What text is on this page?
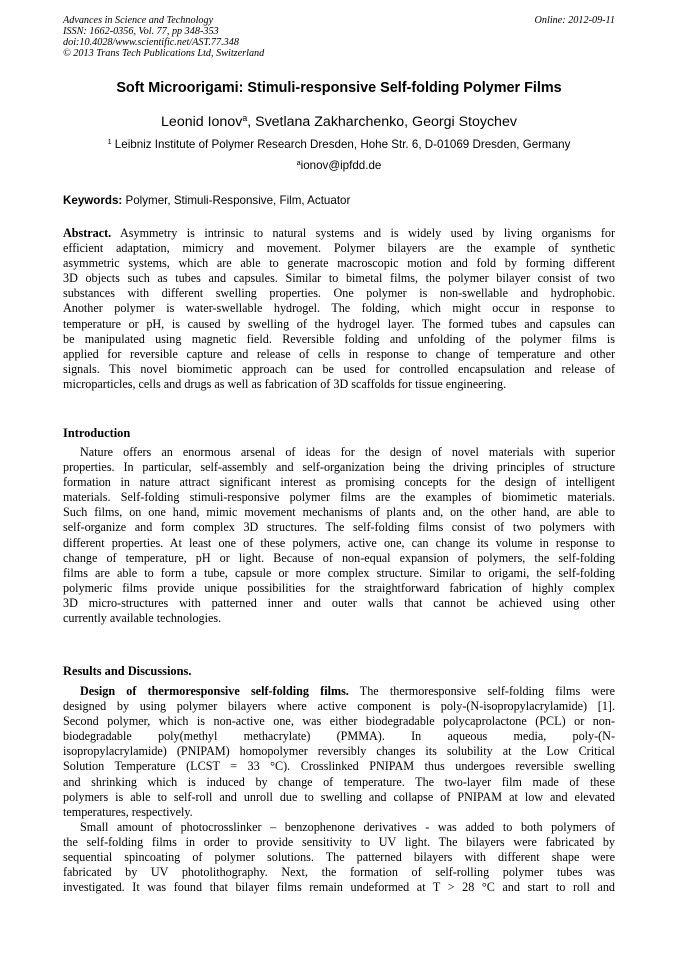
Advances in Science and Technology
ISSN: 1662-0356, Vol. 77, pp 348-353
doi:10.4028/www.scientific.net/AST.77.348
© 2013 Trans Tech Publications Ltd, Switzerland
Online: 2012-09-11
Soft Microorigami: Stimuli-responsive Self-folding Polymer Films
Leonid Ionov$^a$, Svetlana Zakharchenko, Georgi Stoychev
$^1$ Leibniz Institute of Polymer Research Dresden, Hohe Str. 6, D-01069 Dresden, Germany
$^a$ionov@ipfdd.de
Keywords: Polymer, Stimuli-Responsive, Film, Actuator
Abstract. Asymmetry is intrinsic to natural systems and is widely used by living organisms for
efficient adaptation, mimicry and movement. Polymer bilayers are the example of synthetic
asymmetric systems, which are able to generate macroscopic motion and fold by forming different
3D objects such as tubes and capsules. Similar to bimetal films, the polymer bilayer consist of two
substances with different swelling properties. One polymer is non-swellable and hydrophobic.
Another polymer is water-swellable hydrogel. The folding, which might occur in response to
temperature or pH, is caused by swelling of the hydrogel layer. The formed tubes and capsules can
be manipulated using magnetic field. Reversible folding and unfolding of the polymer films is
applied for reversible capture and release of cells in response to change of temperature and other
signals. This novel biomimetic approach can be used for controlled encapsulation and release of
microparticles, cells and drugs as well as fabrication of 3D scaffolds for tissue engineering.
Introduction
Nature offers an enormous arsenal of ideas for the design of novel materials with superior
properties. In particular, self-assembly and self-organization being the driving principles of structure
formation in nature attract significant interest as promising concepts for the design of intelligent
materials. Self-folding stimuli-responsive polymer films are the examples of biomimetic materials.
Such films, on one hand, mimic movement mechanisms of plants and, on the other hand, are able to
self-organize and form complex 3D structures. The self-folding films consist of two polymers with
different properties. At least one of these polymers, active one, can change its volume in response to
change of temperature, pH or light. Because of non-equal expansion of polymers, the self-folding
films are able to form a tube, capsule or more complex structure. Similar to origami, the self-folding
polymeric films provide unique possibilities for the straightforward fabrication of highly complex
3D micro-structures with patterned inner and outer walls that cannot be achieved using other
currently available technologies.
Results and Discussions.
Design of thermoresponsive self-folding films. The thermoresponsive self-folding films were
designed by using polymer bilayers where active component is poly-(N-isopropylacrylamide) [1].
Second polymer, which is non-active one, was either biodegradable polycaprolactone (PCL) or non-
biodegradable poly(methyl methacrylate) (PMMA). In aqueous media, poly-(N-
isopropylacrylamide) (PNIPAM) homopolymer reversibly changes its solubility at the Low Critical
Solution Temperature (LCST = 33 °C). Crosslinked PNIPAM thus undergoes reversible swelling
and shrinking which is induced by change of temperature. The two-layer film made of these
polymers is able to self-roll and unroll due to swelling and collapse of PNIPAM at low and elevated
temperatures, respectively.
Small amount of photocrosslinker – benzophenone derivatives - was added to both polymers of
the self-folding films in order to provide sensitivity to UV light. The bilayers were fabricated by
sequential spincoating of polymer solutions. The patterned bilayers with different shape were
fabricated by UV photolithography. Next, the formation of self-rolling polymer tubes was
investigated. It was found that bilayer films remain undeformed at T > 28 °C and start to roll and
